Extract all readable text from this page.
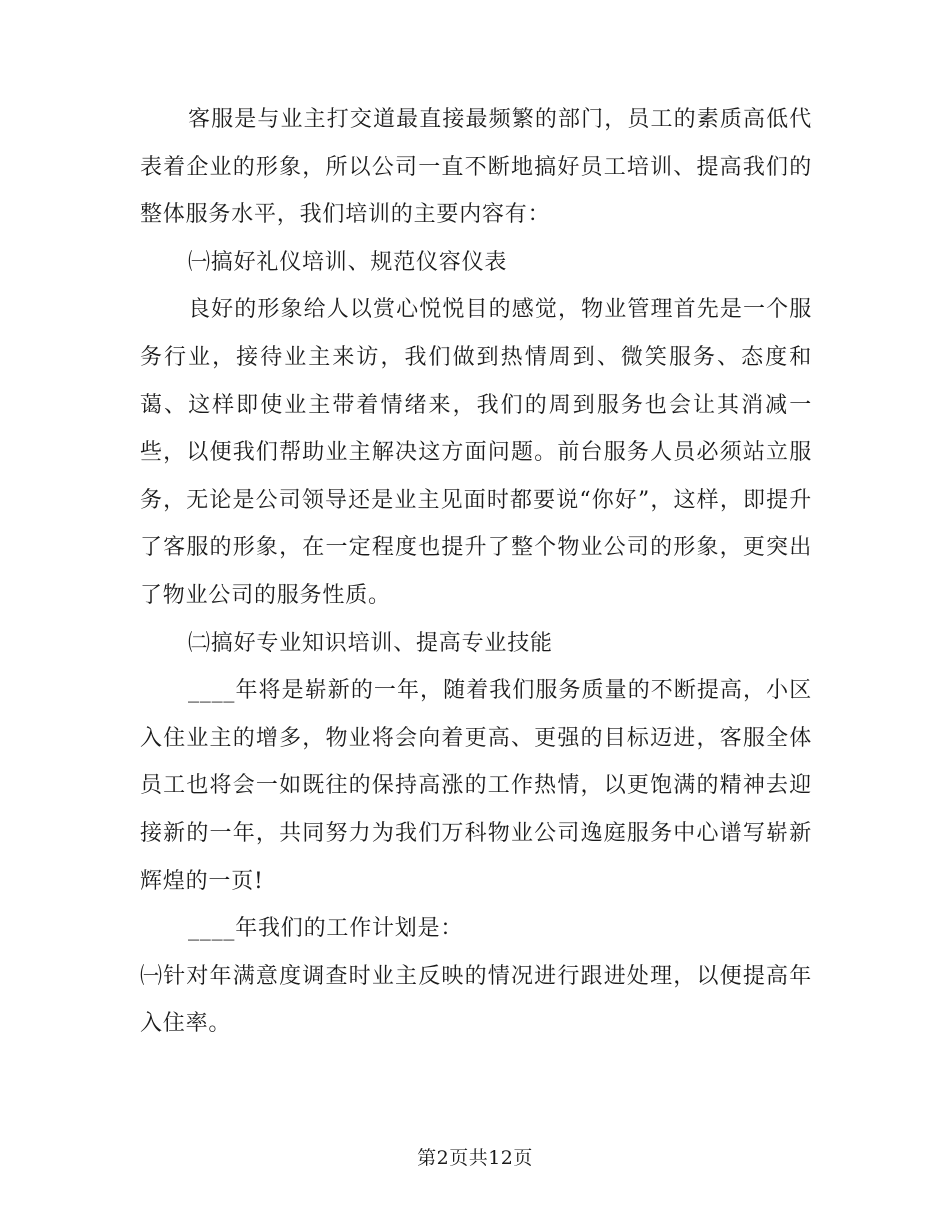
客服是与业主打交道最直接最频繁的部门，员工的素质高低代表着企业的形象，所以公司一直不断地搞好员工培训、提高我们的整体服务水平，我们培训的主要内容有：

㈠搞好礼仪培训、规范仪容仪表

良好的形象给人以赏心悦悦目的感觉，物业管理首先是一个服务行业，接待业主来访，我们做到热情周到、微笑服务、态度和蔼、这样即使业主带着情绪来，我们的周到服务也会让其消减一些，以便我们帮助业主解决这方面问题。前台服务人员必须站立服务，无论是公司领导还是业主见面时都要说“你好”，这样，即提升了客服的形象，在一定程度也提升了整个物业公司的形象，更突出了物业公司的服务性质。

㈡搞好专业知识培训、提高专业技能

____年将是崭新的一年，随着我们服务质量的不断提高，小区入住业主的增多，物业将会向着更高、更强的目标迈进，客服全体员工也将会一如既往的保持高涨的工作热情，以更饱满的精神去迎接新的一年，共同努力为我们万科物业公司逸庭服务中心谱写崭新辉煌的一页!

____年我们的工作计划是：

㈠针对年满意度调查时业主反映的情况进行跟进处理，以便提高年入住率。

第2页共12页
